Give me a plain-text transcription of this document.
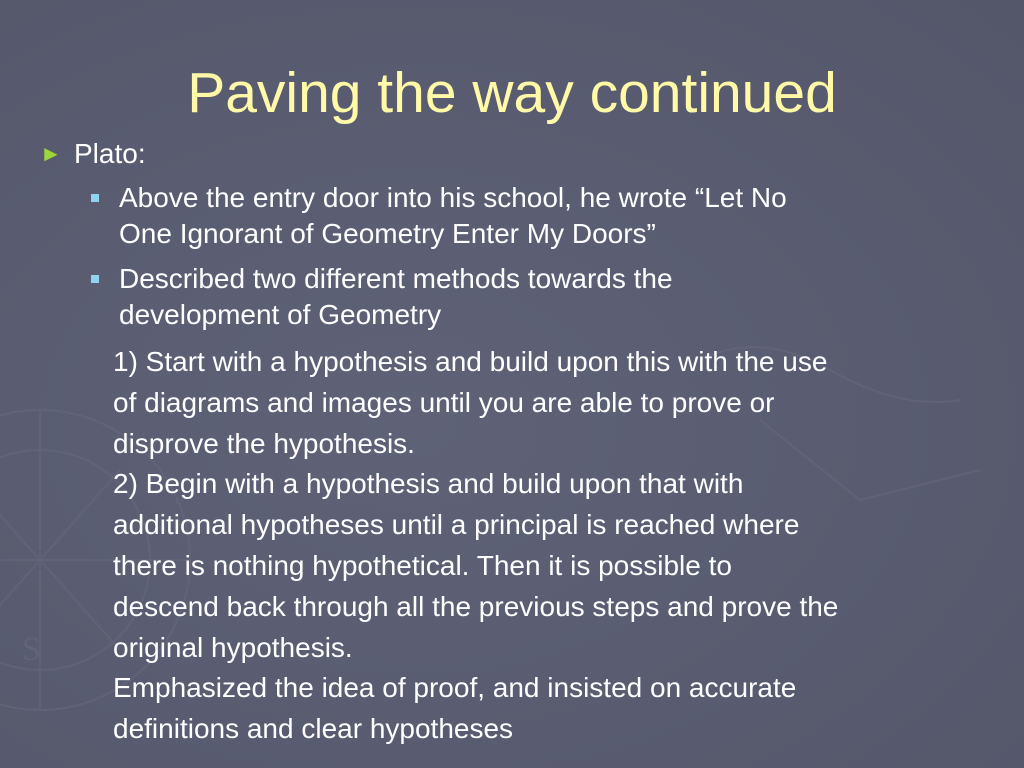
S
Paving the way continued
► Plato:
Above the entry door into his school, he wrote “Let No
One Ignorant of Geometry Enter My Doors”
Described two different methods towards the
development of Geometry
1) Start with a hypothesis and build upon this with the use
of diagrams and images until you are able to prove or
disprove the hypothesis.
2) Begin with a hypothesis and build upon that with
additional hypotheses until a principal is reached where
there is nothing hypothetical. Then it is possible to
descend back through all the previous steps and prove the
original hypothesis.
Emphasized the idea of proof, and insisted on accurate
definitions and clear hypotheses
